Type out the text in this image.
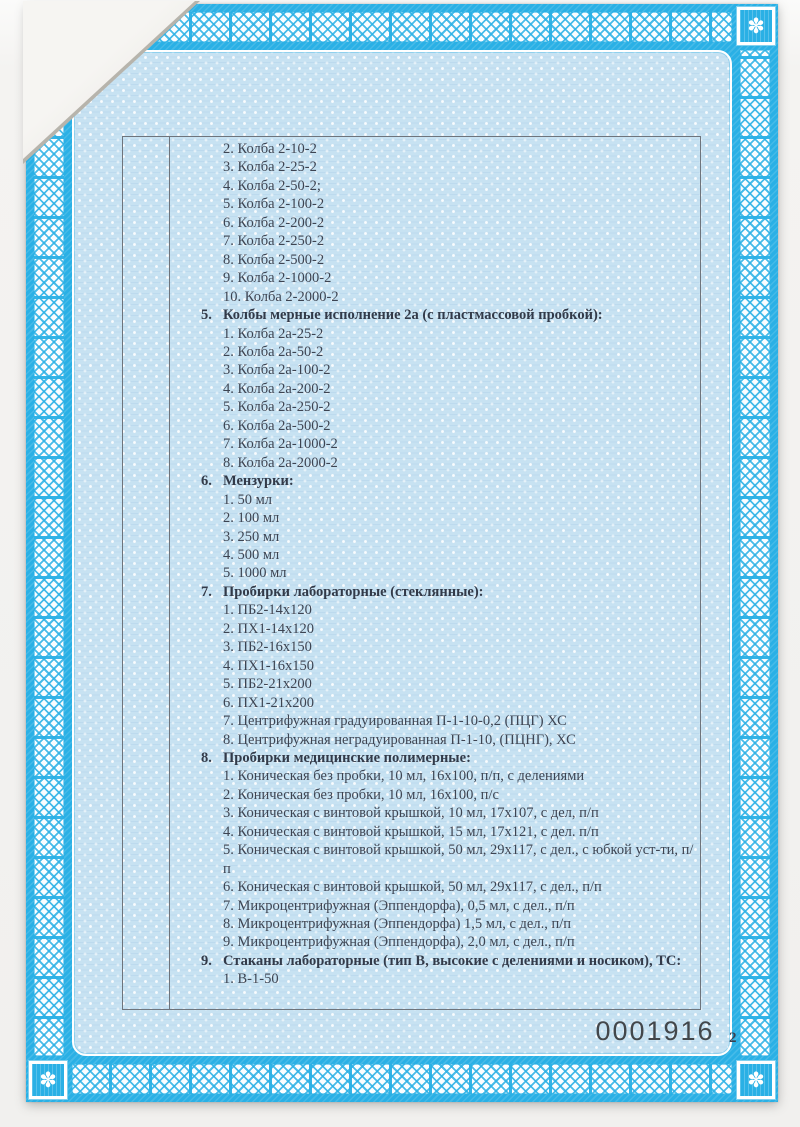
✽
✽	✽
2. Колба 2-10-2
3. Колба 2-25-2
4. Колба 2-50-2;
5. Колба 2-100-2
6. Колба 2-200-2
7. Колба 2-250-2
8. Колба 2-500-2
9. Колба 2-1000-2
10. Колба 2-2000-2
5. Колбы мерные исполнение 2а (с пластмассовой пробкой):
1. Колба 2а-25-2
2. Колба 2а-50-2
3. Колба 2а-100-2
4. Колба 2а-200-2
5. Колба 2а-250-2
6. Колба 2а-500-2
7. Колба 2а-1000-2
8. Колба 2а-2000-2
6. Мензурки:
1. 50 мл
2. 100 мл
3. 250 мл
4. 500 мл
5. 1000 мл
7. Пробирки лабораторные (стеклянные):
1. ПБ2-14х120
2. ПХ1-14х120
3. ПБ2-16х150
4. ПХ1-16х150
5. ПБ2-21х200
6. ПХ1-21х200
7. Центрифужная градуированная П-1-10-0,2 (ПЦГ) ХС
8. Центрифужная неградуированная П-1-10, (ПЦНГ), ХС
8. Пробирки медицинские полимерные:
1. Коническая без пробки, 10 мл, 16х100, п/п, с делениями
2. Коническая без пробки, 10 мл, 16х100, п/с
3. Коническая с винтовой крышкой, 10 мл, 17х107, с дел, п/п
4. Коническая с винтовой крышкой, 15 мл, 17х121, с дел. п/п
5. Коническая с винтовой крышкой, 50 мл, 29х117, с дел., с юбкой уст-ти, п/п
6. Коническая с винтовой крышкой, 50 мл, 29х117, с дел., п/п
7. Микроцентрифужная (Эппендорфа), 0,5 мл, с дел., п/п
8. Микроцентрифужная (Эппендорфа) 1,5 мл, с дел., п/п
9. Микроцентрифужная (Эппендорфа), 2,0 мл, с дел., п/п
9. Стаканы лабораторные (тип В, высокие с делениями и носиком), ТС:
1. В-1-50
0001916 2
